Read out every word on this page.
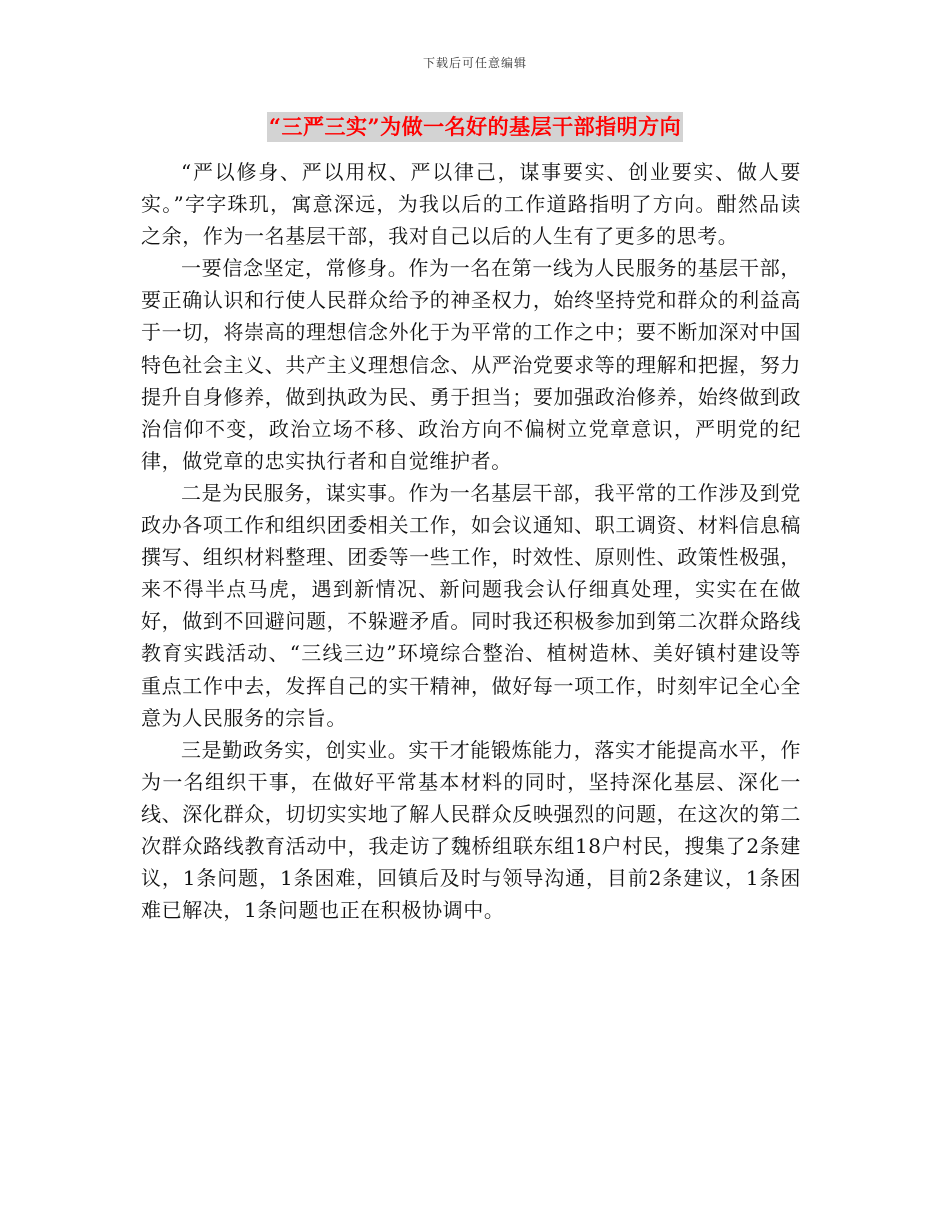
下载后可任意编辑
“三严三实”为做一名好的基层干部指明方向

“严以修身、严以用权、严以律己，谋事要实、创业要实、做人要实。”字字珠玑，寓意深远，为我以后的工作道路指明了方向。酣然品读之余，作为一名基层干部，我对自己以后的人生有了更多的思考。

一要信念坚定，常修身。作为一名在第一线为人民服务的基层干部，要正确认识和行使人民群众给予的神圣权力，始终坚持党和群众的利益高于一切，将崇高的理想信念外化于为平常的工作之中；要不断加深对中国特色社会主义、共产主义理想信念、从严治党要求等的理解和把握，努力提升自身修养，做到执政为民、勇于担当；要加强政治修养，始终做到政治信仰不变，政治立场不移、政治方向不偏树立党章意识，严明党的纪律，做党章的忠实执行者和自觉维护者。

二是为民服务，谋实事。作为一名基层干部，我平常的工作涉及到党政办各项工作和组织团委相关工作，如会议通知、职工调资、材料信息稿撰写、组织材料整理、团委等一些工作，时效性、原则性、政策性极强，来不得半点马虎，遇到新情况、新问题我会认仔细真处理，实实在在做好，做到不回避问题，不躲避矛盾。同时我还积极参加到第二次群众路线教育实践活动、“三线三边”环境综合整治、植树造林、美好镇村建设等重点工作中去，发挥自己的实干精神，做好每一项工作，时刻牢记全心全意为人民服务的宗旨。

三是勤政务实，创实业。实干才能锻炼能力，落实才能提高水平，作为一名组织干事，在做好平常基本材料的同时，坚持深化基层、深化一线、深化群众，切切实实地了解人民群众反映强烈的问题，在这次的第二次群众路线教育活动中，我走访了魏桥组联东组18户村民，搜集了2条建议，1条问题，1条困难，回镇后及时与领导沟通，目前2条建议，1条困难已解决，1条问题也正在积极协调中。
